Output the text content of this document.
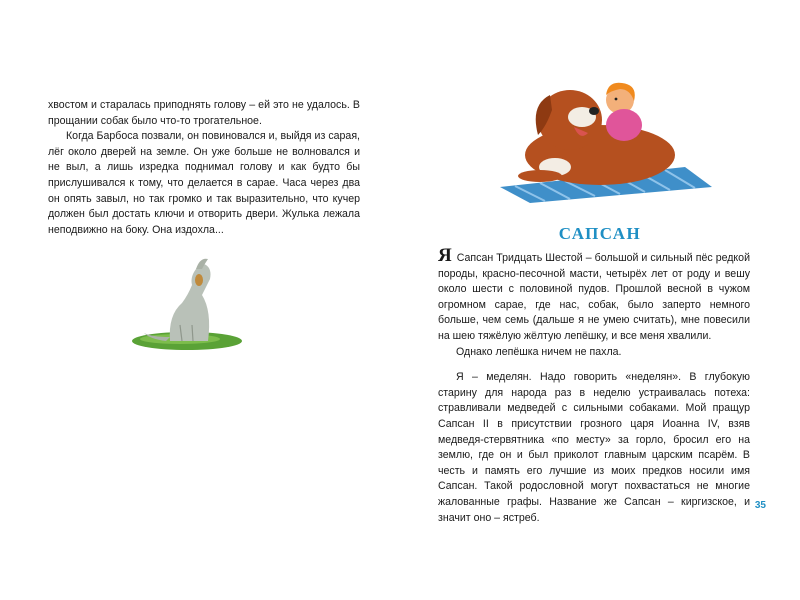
хвостом и старалась приподнять голову – ей это не удалось. В прощании собак было что-то трогательное.

Когда Барбоса позвали, он повиновался и, выйдя из сарая, лёг около дверей на земле. Он уже больше не волновался и не выл, а лишь изредка поднимал голову и как будто бы прислушивался к тому, что делается в сарае. Часа через два он опять завыл, но так громко и так выразительно, что кучер должен был достать ключи и отворить двери. Жулька лежала неподвижно на боку. Она издохла...	САПСАН

Я Сапсан Тридцать Шестой – большой и сильный пёс редкой породы, красно-песочной масти, четырёх лет от роду и вешу около шести с половиной пудов. Прошлой весной в чужом огромном сарае, где нас, собак, было заперто немного больше, чем семь (дальше я не умею считать), мне повесили на шею тяжёлую жёлтую лепёшку, и все меня хвалили.

Однако лепёшка ничем не пахла.

Я – меделян. Надо говорить «неделян». В глубокую старину для народа раз в неделю устраивалась потеха: стравливали медведей с сильными собаками. Мой пращур Сапсан II в присутствии грозного царя Иоанна IV, взяв медведя-стервятника «по месту» за горло, бросил его на землю, где он и был приколот главным царским псарём. В честь и память его лучшие из моих предков носили имя Сапсан. Такой родословной могут похвастаться не многие жалованные графы. Название же Сапсан – киргизское, и значит оно – ястреб.

35
